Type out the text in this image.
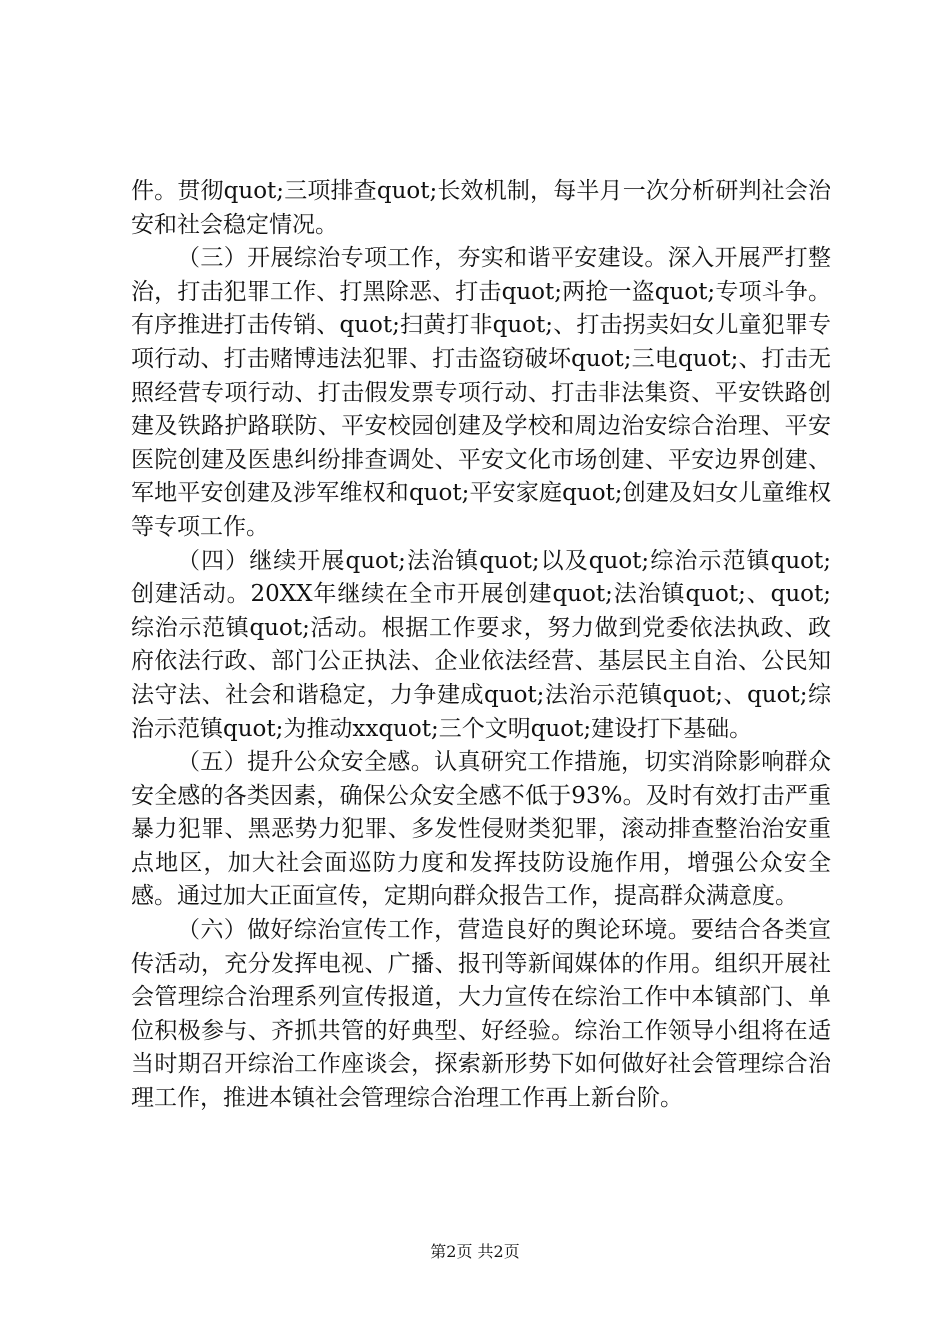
件。贯彻quot;三项排查quot;长效机制，每半月一次分析研判社会治安和社会稳定情况。

（三）开展综治专项工作，夯实和谐平安建设。深入开展严打整治，打击犯罪工作、打黑除恶、打击quot;两抢一盗quot;专项斗争。有序推进打击传销、quot;扫黄打非quot;、打击拐卖妇女儿童犯罪专项行动、打击赌博违法犯罪、打击盗窃破坏quot;三电quot;、打击无照经营专项行动、打击假发票专项行动、打击非法集资、平安铁路创建及铁路护路联防、平安校园创建及学校和周边治安综合治理、平安医院创建及医患纠纷排查调处、平安文化市场创建、平安边界创建、军地平安创建及涉军维权和quot;平安家庭quot;创建及妇女儿童维权等专项工作。

（四）继续开展quot;法治镇quot;以及quot;综治示范镇quot;创建活动。20XX年继续在全市开展创建quot;法治镇quot;、quot;综治示范镇quot;活动。根据工作要求，努力做到党委依法执政、政府依法行政、部门公正执法、企业依法经营、基层民主自治、公民知法守法、社会和谐稳定，力争建成quot;法治示范镇quot;、quot;综治示范镇quot;为推动xxquot;三个文明quot;建设打下基础。

（五）提升公众安全感。认真研究工作措施，切实消除影响群众安全感的各类因素，确保公众安全感不低于93%。及时有效打击严重暴力犯罪、黑恶势力犯罪、多发性侵财类犯罪，滚动排查整治治安重点地区，加大社会面巡防力度和发挥技防设施作用，增强公众安全感。通过加大正面宣传，定期向群众报告工作，提高群众满意度。

（六）做好综治宣传工作，营造良好的舆论环境。要结合各类宣传活动，充分发挥电视、广播、报刊等新闻媒体的作用。组织开展社会管理综合治理系列宣传报道，大力宣传在综治工作中本镇部门、单位积极参与、齐抓共管的好典型、好经验。综治工作领导小组将在适当时期召开综治工作座谈会，探索新形势下如何做好社会管理综合治理工作，推进本镇社会管理综合治理工作再上新台阶。

第2页 共2页
